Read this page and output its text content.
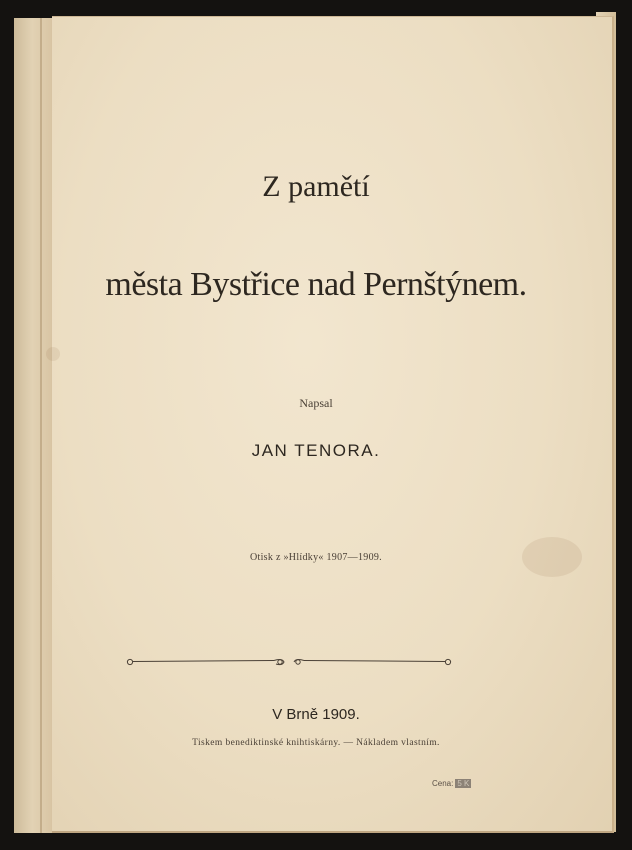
Z pamětí
města Bystřice nad Pernštýnem.
Napsal
JAN TENORA.
Otisk z »Hlídky« 1907—1909.
V Brně 1909.
Tiskem benediktinské knihtiskárny. — Nákladem vlastním.
Cena: 5 K
